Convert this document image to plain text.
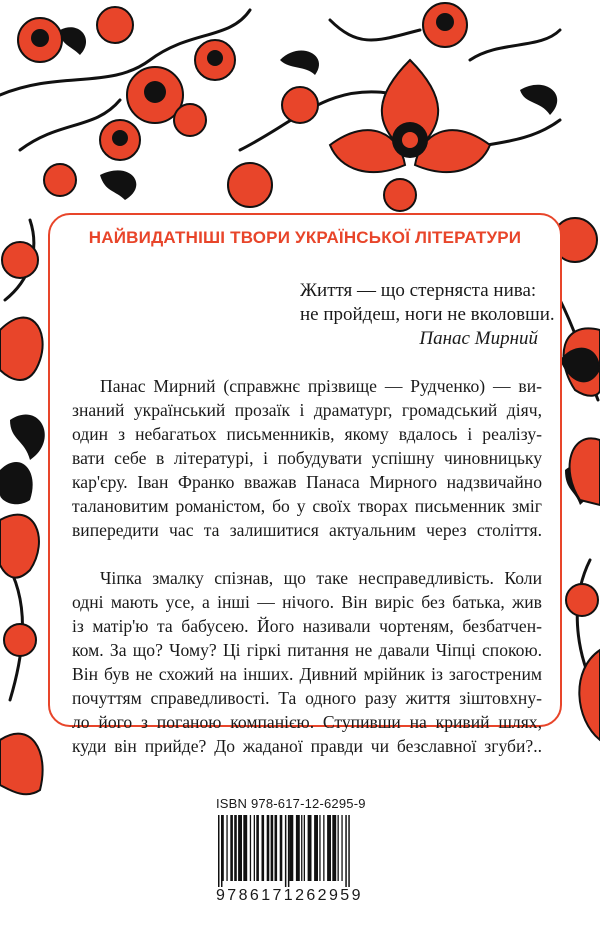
НАЙВИДАТНІШІ ТВОРИ УКРАЇНСЬКОЇ ЛІТЕРАТУРИ
Життя — що стерняста нива:
не пройдеш, ноги не вколовши.
Панас Мирний
Панас Мирний (справжнє прізвище — Рудченко) — ви-
знаний український прозаїк і драматург, громадський діяч,
один з небагатьох письменників, якому вдалось і реалізу-
вати себе в літературі, і побудувати успішну чиновницьку
кар'єру. Іван Франко вважав Панаса Мирного надзвичайно
талановитим романістом, бо у своїх творах письменник зміг
випередити час та залишитися актуальним через століття.
Чіпка змалку спізнав, що таке несправедливість. Коли
одні мають усе, а інші — нічого. Він виріс без батька, жив
із матір'ю та бабусею. Його називали чортеням, безбатчен-
ком. За що? Чому? Ці гіркі питання не давали Чіпці спокою.
Він був не схожий на інших. Дивний мрійник із загостреним
почуттям справедливості. Та одного разу життя зіштовхну-
ло його з поганою компанією. Ступивши на кривий шлях,
куди він прийде? До жаданої правди чи безславної згуби?..
ISBN 978-617-12-6295-9
9786171262959
